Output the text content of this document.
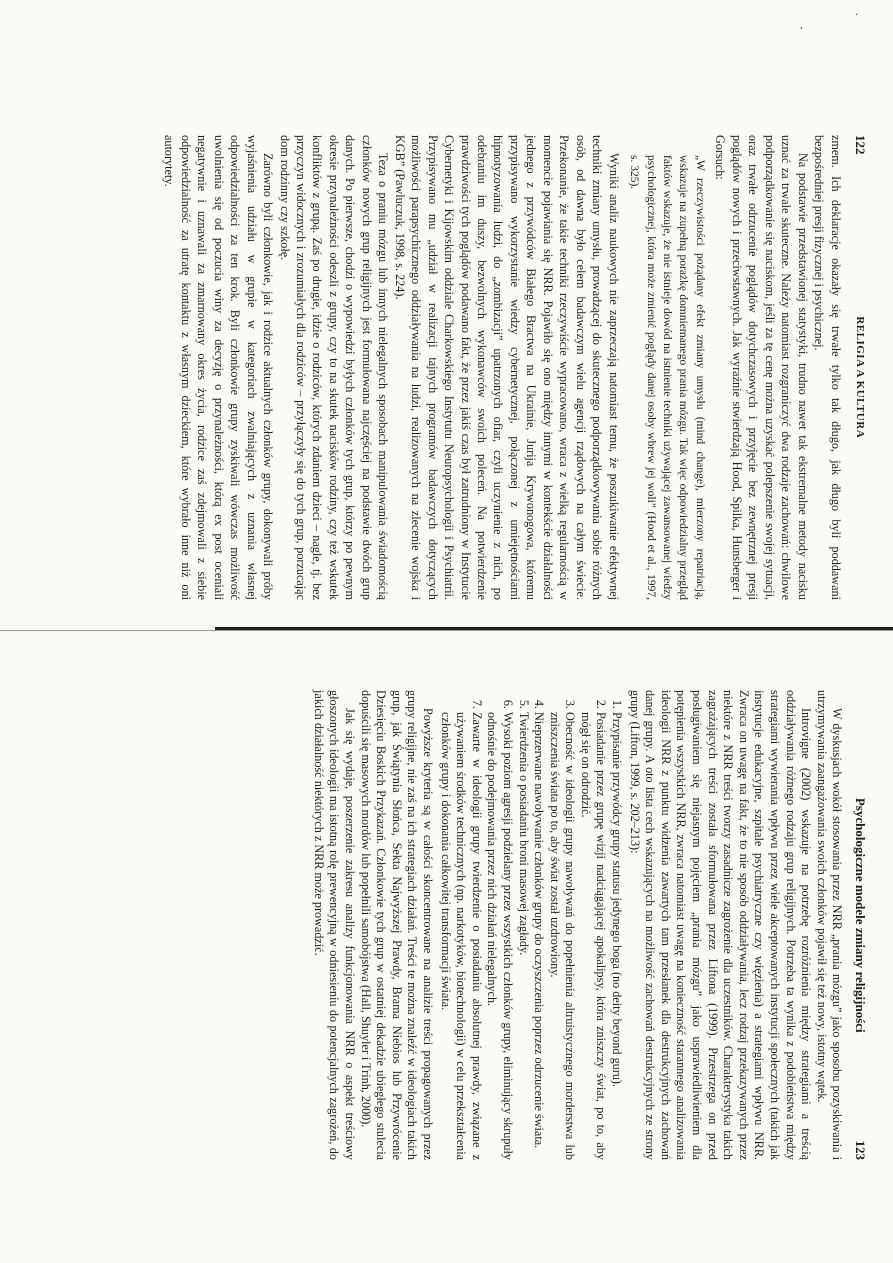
·
,
122
RELIGIA A KULTURA

zmem. Ich deklaracje okazały się trwałe tylko tak długo, jak długo byli poddawani bezpośredniej presji fizycznej i psychicznej.

Na podstawie przedstawionej statystyki, trudno nawet tak ekstremalne metody nacisku uznać za trwale skuteczne. Należy natomiast rozgraniczyć dwa rodzaje zachowań: chwilowe podporządkowanie się naciskom, jeśli za tę cenę można uzyskać polepszenie swojej sytuacji, oraz trwałe odrzucenie poglądów dotychczasowych i przyjęcie bez zewnętrznej presji poglądów nowych i przeciwstawnych. Jak wyraźnie stwierdzają Hood, Spilka, Hunsberger i Gorsuch:

„W rzeczywistości pożądany efekt zmiany umysłu (mind change), mierzony repatriacją, wskazuje na zupełną porażkę domniemanego prania mózgu. Tak więc odpowiedzialny przegląd faktów wskazuje, że nie istnieje dowód na istnienie techniki używającej zawansowanej wiedzy psychologicznej, która może zmienić poglądy danej osoby wbrew jej woli” (Hood et al., 1997, s. 325).

Wyniki analiz naukowych nie zaprzeczają natomiast temu, że poszukiwanie efektywnej techniki zmiany umysłu, prowadzącej do skutecznego podporządkowywania sobie różnych osób, od dawna było celem badawczym wielu agencji rządowych na całym świecie. Przekonanie, że takie techniki rzeczywiście wypracowano, wraca z wielką regularnością w momencie pojawiania się NRR. Pojawiło się ono między innymi w kontekście działalności jednego z przywódców Białego Bractwa na Ukrainie, Jurija Krywonogowa, któremu przypisywano wykorzystanie wiedzy cybernetycznej, połączonej z umiejętnościami hipnotyzowania ludzi, do „zombizacji” upatrzonych ofiar, czyli uczynienie z nich, po odebraniu im duszy, bezwolnych wykonawców swoich poleceń. Na potwierdzenie prawdziwości tych poglądów podawano fakt, że przez jakiś czas był zatrudniony w Instytucie Cybernetyki i Kijowskim oddziale Charkowskiego Instytutu Neuropsychologii i Psychiatrii. Przypisywano mu „udział w realizacji tajnych programów badawczych dotyczących możliwości parapsychicznego oddziaływania na ludzi, realizowanych na zlecenie wojska i KGB” (Pawluczuk, 1998, s. 224).

Teza o praniu mózgu lub innych nielegalnych sposobach manipulowania świadomością członków nowych grup religijnych jest formułowana najczęściej na podstawie dwóch grup danych. Po pierwsze, chodzi o wypowiedzi byłych członków tych grup, którzy po pewnym okresie przynależności odeszli z grupy, czy to na skutek nacisków rodziny, czy też wskutek konfliktów z grupą. Zaś po drugie, idzie o rodziców, których zdaniem dzieci – nagle, tj. bez przyczyn widocznych i zrozumiałych dla rodziców – przyłączyły się do tych grup, porzucając dom rodzinny czy szkołę.

Zarówno byli członkowie, jak i rodzice aktualnych członków grupy, dokonywali próby wyjaśnienia udziału w grupie w kategoriach zwalniających z uznania własnej odpowiedzialności za ten krok. Byli członkowie grupy zyskiwali wówczas możliwość uwolnienia się od poczucia winy za decyzję o przynależności, którą ex post oceniali negatywnie i uznawali za zmarnowany okres życia, rodzice zaś zdejmowali z siebie odpowiedzialność za utratę kontaktu z własnym dzieckiem, które wybrało inne niż oni autorytety.

Psychologiczne modele zmiany religijności
123

W dyskusjach wokół stosowania przez NRR „prania mózgu” jako sposobu pozyskiwania i utrzymywania zaangażowania swoich członków pojawił się też nowy, istotny wątek.

Introvigne (2002) wskazuje na potrzebę rozróżnienia między strategiami a treścią oddziaływania różnego rodzaju grup religijnych. Potrzeba ta wynika z podobieństwa między strategiami wywierania wpływu przez wiele akceptowanych instytucji społecznych (takich jak instytucje edukacyjne, szpitale psychiatryczne czy więzienia) a strategiami wpływu NRR. Zwraca on uwagę na fakt, że to nie sposób oddziaływania, lecz rodzaj przekazywanych przez niektóre z NRR treści tworzy zasadnicze zagrożenie dla uczestników. Charakterystyka takich zagrażających treści została sformułowana przez Liftona (1999). Przestrzega on przed posługiwaniem się niejasnym pojęciem „prania mózgu” jako usprawiedliwieniem dla potępienia wszystkich NRR, zwraca natomiast uwagę na konieczność starannego analizowania ideologii NRR z punktu widzenia zawartych tam przesłanek dla destrukcyjnych zachowań danej grupy. A oto lista cech wskazujących na możliwość zachowań destrukcyjnych ze strony grupy (Lifton, 1999, s. 202–213):

1. Przypisanie przywódcy grupy statusu jedynego boga (no deity beyond guru).
2. Posiadanie przez grupę wizji nadciągającej apokalipsy, która zniszczy świat, po to, aby mógł się on odrodzić.
3. Obecność w ideologii grupy nawoływań do popełnienia altruistycznego morderstwa lub zniszczenia świata po to, aby świat został uzdrowiony.
4. Nieprzerwane nawoływanie członków grupy do oczyszczenia poprzez odrzucenie świata.
5. Twierdzenia o posiadaniu broni masowej zagłady.
6. Wysoki poziom agresji podzielany przez wszystkich członków grupy, eliminujący skrupuły odnośnie do podejmowania przez nich działań nielegalnych.
7. Zawarte w ideologii grupy twierdzenie o posiadaniu absolutnej prawdy, związane z używaniem środków technicznych (np. narkotyków, biotechnologii) w celu przekształcenia członków grupy i dokonania całkowitej transformacji świata.

Powyższe kryteria są w całości skoncentrowane na analizie treści propagowanych przez grupy religijne, nie zaś na ich strategiach działań. Treści te można znaleźć w ideologiach takich grup, jak Świątynia Słońca, Sekta Najwyższej Prawdy, Brama Niebios lub Przywrócenie Dziesięciu Boskich Przykazań. Członkowie tych grup w ostatniej dekadzie ubiegłego stulecia dopuścili się masowych mordów lub popełnili samobójstwa (Hall, Shuyler i Trinh, 2000).

Jak się wydaje, poszerzenie zakresu analizy funkcjonowania NRR o aspekt treściowy głoszonych ideologii ma istotną rolę prewencyjną w odniesieniu do potencjalnych zagrożeń, do jakich działalność niektórych z NRR może prowadzić.
